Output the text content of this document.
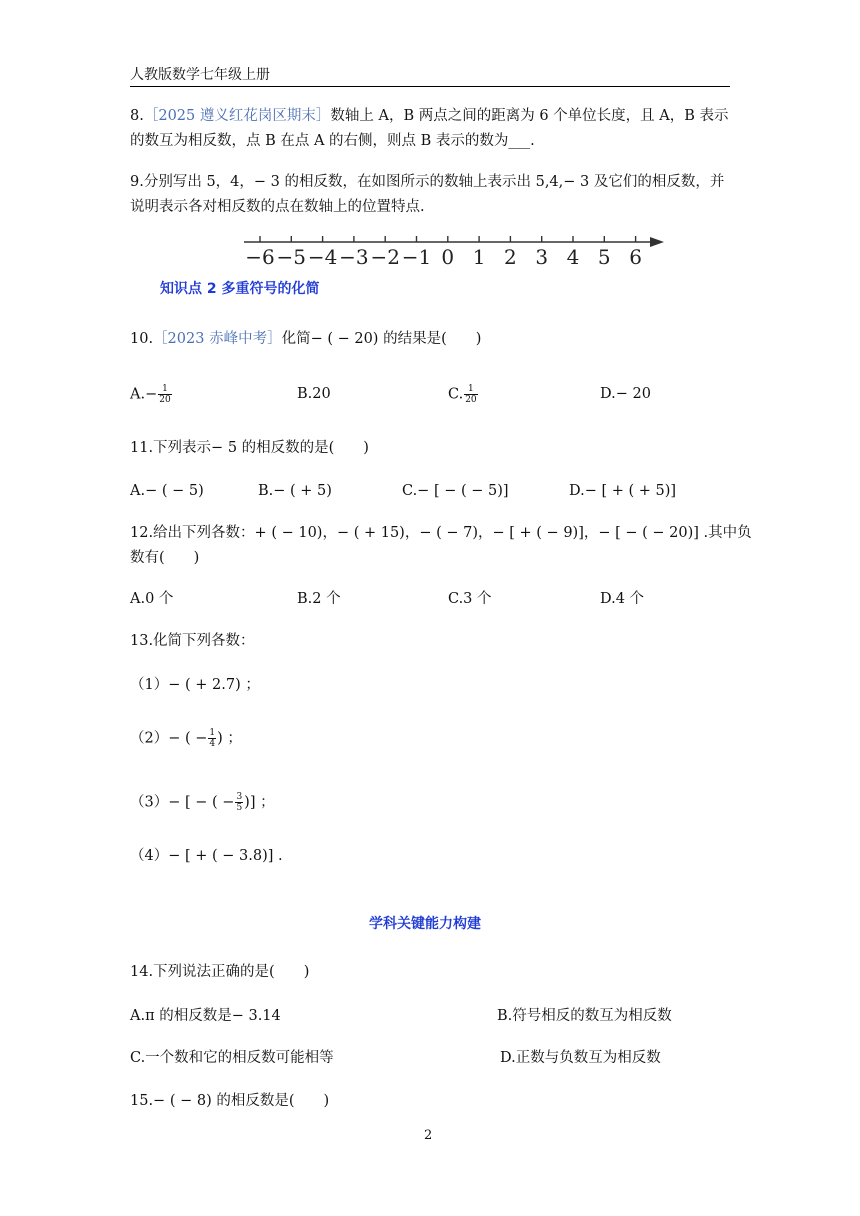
人教版数学七年级上册
8.［2025 遵义红花岗区期末］数轴上 A，B 两点之间的距离为 6 个单位长度，且 A，B 表示
的数互为相反数，点 B 在点 A 的右侧，则点 B 表示的数为___.
9.分别写出 5，4，− 3 的相反数，在如图所示的数轴上表示出 5,4,− 3 及它们的相反数，并
说明表示各对相反数的点在数轴上的位置特点.
−6 −5 −4 −3 −2 −1 0 1 2 3 4 5 6
知识点 2 多重符号的化简
10.［2023 赤峰中考］化简− ( − 20) 的结果是(　　)
$A.- \frac{1}{20}$	B.20	C. $\frac{1}{20}$	D.− 20
11.下列表示− 5 的相反数的是(　　)
A.− ( − 5)	B.− ( + 5)	C.− [ − ( − 5)]	D.− [ + ( + 5)]
12.给出下列各数：+ ( − 10)，− ( + 15)，− ( − 7)，− [ + ( − 9)]，− [ − ( − 20)] .其中负
数有(　　)
A.0 个	B.2 个	C.3 个	D.4 个
13.化简下列各数：
（1）− ( + 2.7) ；
（2）− ( − $\frac{1}{4}$ ) ；
（3）− [ − ( − $\frac{3}{5}$ )] ；
（4）− [ + ( − 3.8)] .
学科关键能力构建
14.下列说法正确的是(　　)
A.π 的相反数是− 3.14	B.符号相反的数互为相反数
C.一个数和它的相反数可能相等	D.正数与负数互为相反数
15.− ( − 8) 的相反数是(　　)
2
